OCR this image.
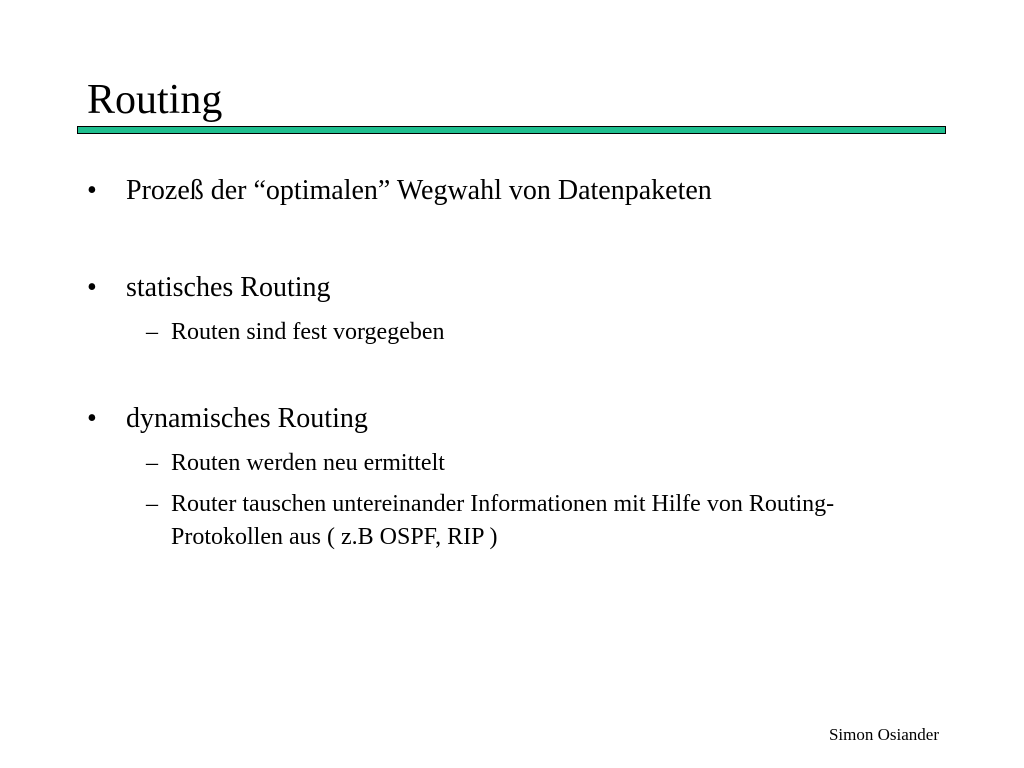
Routing
• Prozeß der “optimalen” Wegwahl von Datenpaketen
• statisches Routing
– Routen sind fest vorgegeben
• dynamisches Routing
– Routen werden neu ermittelt
– Router tauschen untereinander Informationen mit Hilfe von Routing-Protokollen aus ( z.B OSPF, RIP )
Simon Osiander
